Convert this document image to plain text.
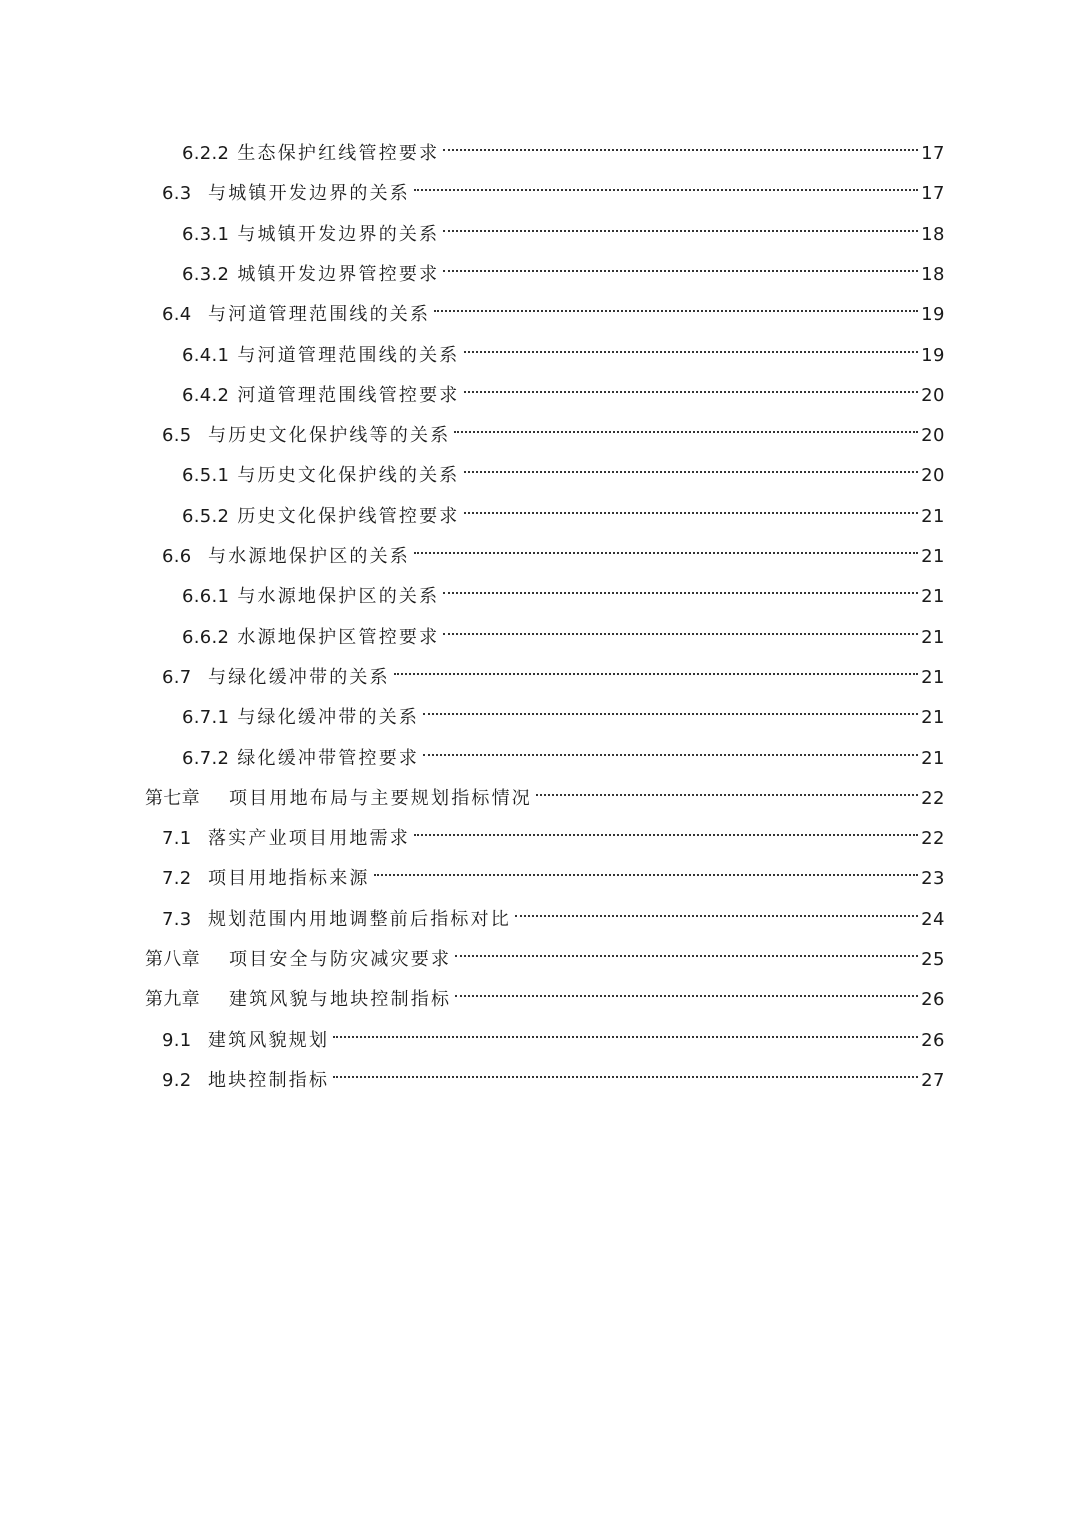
6.2.2 生态保护红线管控要求	17
6.3 与城镇开发边界的关系	17
6.3.1 与城镇开发边界的关系	18
6.3.2 城镇开发边界管控要求	18
6.4 与河道管理范围线的关系	19
6.4.1 与河道管理范围线的关系	19
6.4.2 河道管理范围线管控要求	20
6.5 与历史文化保护线等的关系	20
6.5.1 与历史文化保护线的关系	20
6.5.2 历史文化保护线管控要求	21
6.6 与水源地保护区的关系	21
6.6.1 与水源地保护区的关系	21
6.6.2 水源地保护区管控要求	21
6.7 与绿化缓冲带的关系	21
6.7.1 与绿化缓冲带的关系	21
6.7.2 绿化缓冲带管控要求	21
第七章	项目用地布局与主要规划指标情况	22
7.1 落实产业项目用地需求	22
7.2 项目用地指标来源	23
7.3 规划范围内用地调整前后指标对比	24
第八章	项目安全与防灾减灾要求	25
第九章	建筑风貌与地块控制指标	26
9.1 建筑风貌规划	26
9.2 地块控制指标	27
